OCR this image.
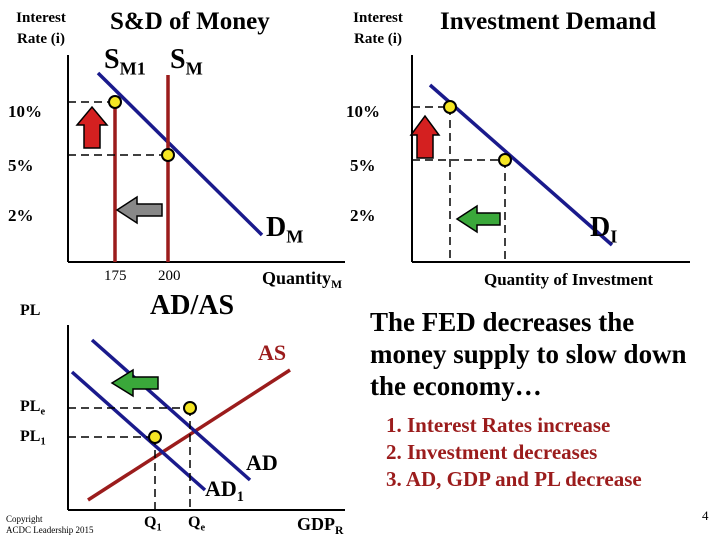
Interest
Rate (i)
S&D of Money
$S_{M1}$ $S_M$
10%
5%
2%	$D_M$
175 200	Quantity$_M$
Interest
Rate (i)
Investment Demand
10%
5%
2%	$D_I$
Quantity of Investment
PL	AD/AS
AS
$PL_e$
$PL_1$
AD
$AD_1$
$Q_1$ $Q_e$	$GDP_R$
The FED decreases the money supply to slow down the economy…
1. Interest Rates increase
2. Investment decreases
3. AD, GDP and PL decrease
Copyright
ACDC Leadership 2015
4
